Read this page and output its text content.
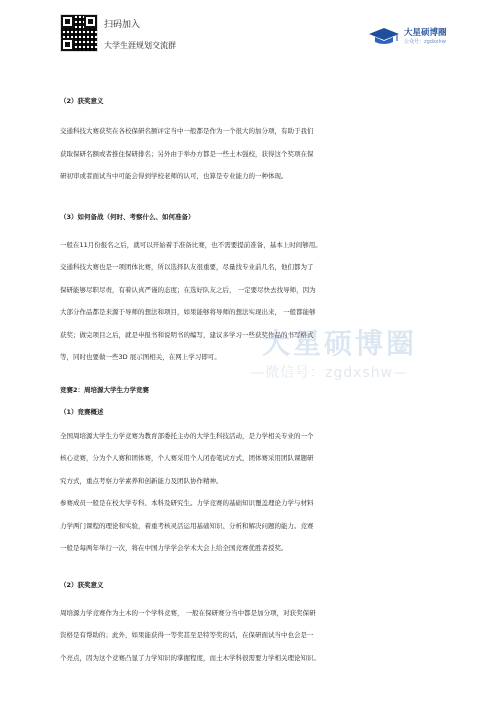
扫码加入
大学生涯规划交流群
大星硕博圈
公众号：zgdxshw
大星硕博圈
—微信号：zgdxshw—

（2）获奖意义

交通科技大赛获奖在各校保研名额评定当中一般都是作为一个很大的加分项，有助于我们

获取保研名额或者推住保研排名；另外由于举办方都是一些土木强校，获得这个奖项在保

研初审或者面试当中可能会得到学校老师的认可，也算是专业能力的一种体现。

（3）如何备战（何时、考察什么、如何准备）

一般在11月份报名之后，就可以开始着手准备比赛，也不需要提前准备，基本上时间够用。

交通科技大赛也是一项团体比赛，所以选择队友很重要，尽量找专业前几名，他们都为了

保研能够尽职尽责，有着认真严谨的态度；在选好队友之后， 一定要尽快去找导师，因为

大部分作品都是来源于导师的想法和项目，如果能够将导师的想法实现出来， 一般都能够

获奖；做完项目之后，就是申报书和说明书的编写，建议多学习一些获奖作品的书写格式

等，同时也要做一些3D 展示图相关，在网上学习即可。

竞赛2：周培源大学生力学竞赛

（1）竞赛概述

全国周培源大学生力学竞赛为教育部委托主办的大学生科技活动，是力学相关专业的一个

核心竞赛，分为个人赛和团体赛，个人赛采用个人闭卷笔试方式，团体赛采用团队课题研

究方式，重点考察力学素养和创新能力及团队协作精神。

参赛成员一般是在校大学专科、本科及研究生。力学竞赛的基础知识覆盖理论力学与材料

力学两门课程的理论和实验，着重考核灵活运用基础知识、分析和解决问题的能力。竞赛

一般是每两年举行一次，将在中国力学学会学术大会上给全国竞赛优胜者授奖。

（2）获奖意义

周培源力学竞赛作为土木的一个学科竞赛， 一般在保研赛分当中都是加分项，对获奖保研

资格是有帮助的；此外，如果能获得一等奖甚至是特等奖的话，在保研面试当中也会是一

个亮点，因为这个竞赛凸显了力学知识的掌握程度，而土木学科很需要力学相关理论知识。
